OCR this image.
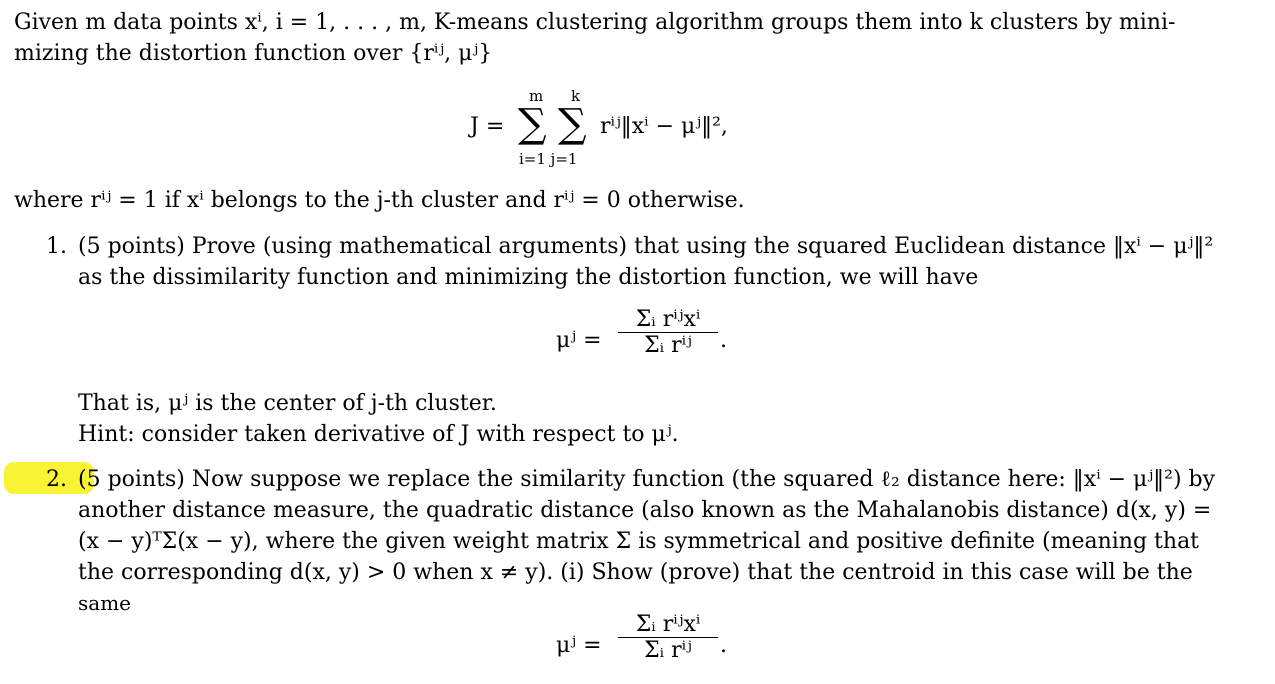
Given m data points xⁱ, i = 1, . . . , m, K-means clustering algorithm groups them into k clusters by mini-
mizing the distortion function over {rⁱʲ, μʲ}
J =
m k
∑ ∑
i=1 j=1
rⁱʲ‖xⁱ − μʲ‖²,
where rⁱʲ = 1 if xⁱ belongs to the j-th cluster and rⁱʲ = 0 otherwise.
1. (5 points) Prove (using mathematical arguments) that using the squared Euclidean distance ‖xⁱ − μʲ‖²
as the dissimilarity function and minimizing the distortion function, we will have
μʲ =
Σᵢ rⁱʲxⁱ
Σᵢ rⁱʲ	.
That is, μʲ is the center of j-th cluster.
Hint: consider taken derivative of J with respect to μʲ.
2. (5 points) Now suppose we replace the similarity function (the squared ℓ₂ distance here: ‖xⁱ − μʲ‖²) by
another distance measure, the quadratic distance (also known as the Mahalanobis distance) d(x, y) =
(x − y)ᵀΣ(x − y), where the given weight matrix Σ is symmetrical and positive definite (meaning that
the corresponding d(x, y) > 0 when x ≠ y). (i) Show (prove) that the centroid in this case will be the
same
μʲ =
Σᵢ rⁱʲxⁱ
Σᵢ rⁱʲ	.
